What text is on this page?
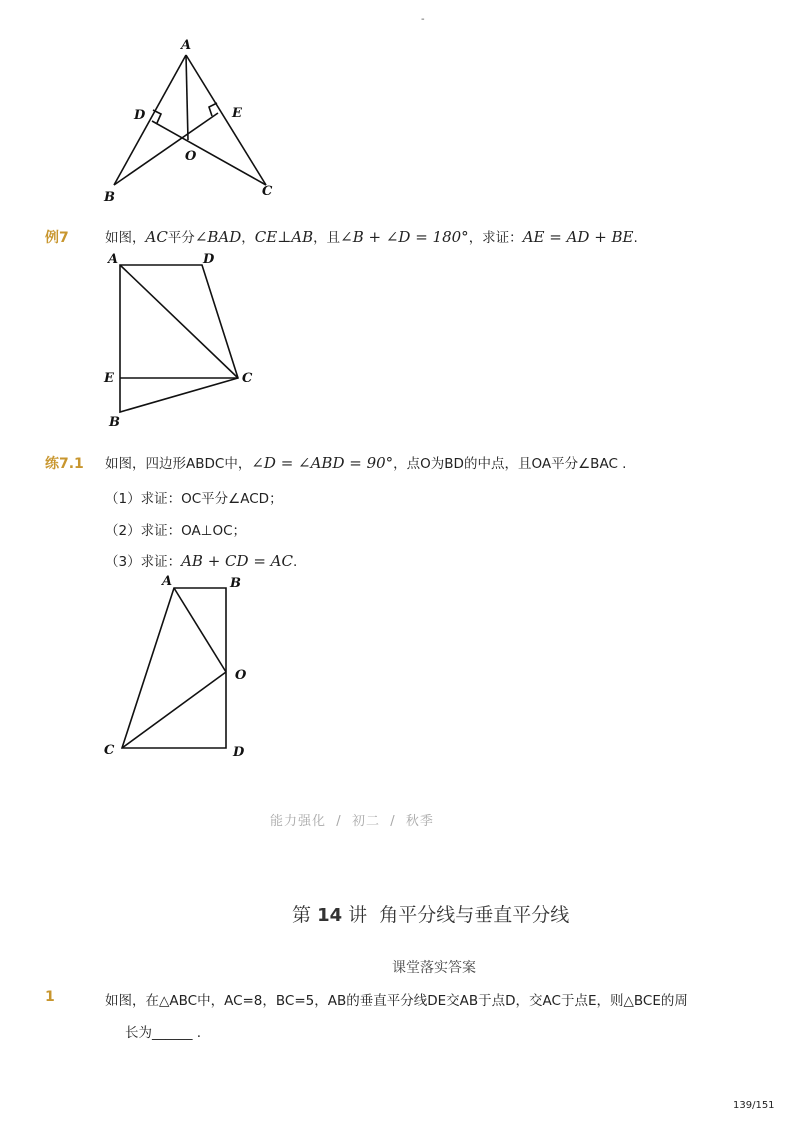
-
A
D	E
O
B	C
例7	如图，AC平分∠BAD，CE⊥AB，且∠B + ∠D = 180°，求证：AE = AD + BE.
A	D
E	C
B
练7.1 如图，四边形ABDC中，∠D = ∠ABD = 90°，点O为BD的中点，且OA平分∠BAC .
（1）求证：OC平分∠ACD；
（2）求证：OA⊥OC；
（3）求证：AB + CD = AC.
A	B
O
C	D
能力强化 / 初二 / 秋季
第 14 讲 角平分线与垂直平分线
课堂落实答案
1	如图，在△ABC中，AC=8，BC=5，AB的垂直平分线DE交AB于点D，交AC于点E，则△BCE的周
长为______ .
139/151
